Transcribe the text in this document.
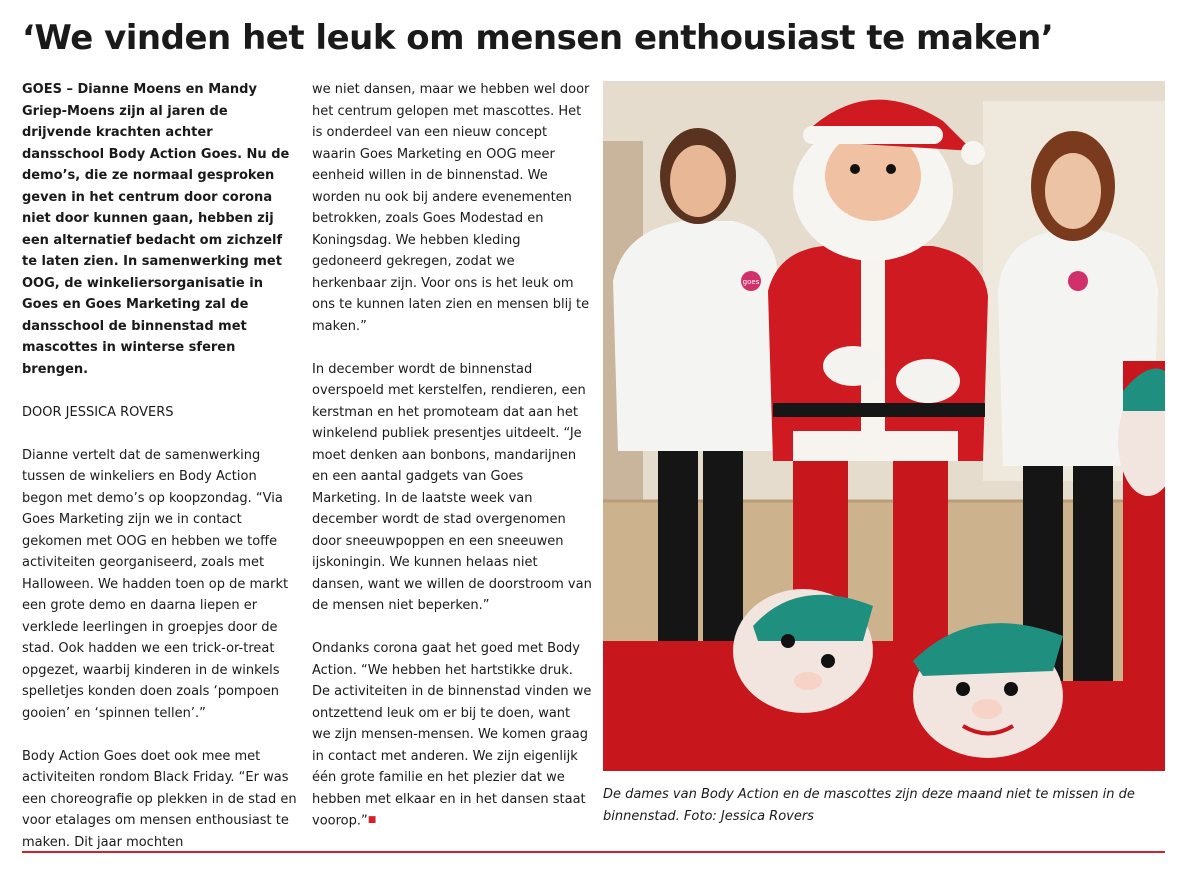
‘We vinden het leuk om mensen enthousiast te maken’

GOES – Dianne Moens en Mandy Griep-Moens zijn al jaren de drijvende krachten achter dansschool Body Action Goes. Nu de demo’s, die ze normaal gesproken geven in het centrum door corona niet door kunnen gaan, hebben zij een alternatief bedacht om zichzelf te laten zien. In samenwerking met OOG, de winkeliersorganisatie in Goes en Goes Marketing zal de dansschool de binnenstad met mascottes in winterse sferen brengen.

DOOR JESSICA ROVERS

Dianne vertelt dat de samenwerking tussen de winkeliers en Body Action begon met demo’s op koopzondag. “Via Goes Marketing zijn we in contact gekomen met OOG en hebben we toffe activiteiten georganiseerd, zoals met Halloween. We hadden toen op de markt een grote demo en daarna liepen er verklede leerlingen in groepjes door de stad. Ook hadden we een trick-or-treat opgezet, waarbij kinderen in de winkels spelletjes konden doen zoals ‘pompoen gooien’ en ‘spinnen tellen’.”

Body Action Goes doet ook mee met activiteiten rondom Black Friday. “Er was een choreografie op plekken in de stad en voor etalages om mensen enthousiast te maken. Dit jaar mochten

we niet dansen, maar we hebben wel door het centrum gelopen met mascottes. Het is onderdeel van een nieuw concept waarin Goes Marketing en OOG meer eenheid willen in de binnenstad. We worden nu ook bij andere evenementen betrokken, zoals Goes Modestad en Koningsdag. We hebben kleding gedoneerd gekregen, zodat we herkenbaar zijn. Voor ons is het leuk om ons te kunnen laten zien en mensen blij te maken.”

In december wordt de binnenstad overspoeld met kerstelfen, rendieren, een kerstman en het promoteam dat aan het winkelend publiek presentjes uitdeelt. “Je moet denken aan bonbons, mandarijnen en een aantal gadgets van Goes Marketing. In de laatste week van december wordt de stad overgenomen door sneeuwpoppen en een sneeuwen ijskoningin. We kunnen helaas niet dansen, want we willen de doorstroom van de mensen niet beperken.”

Ondanks corona gaat het goed met Body Action. “We hebben het hartstikke druk. De activiteiten in de binnenstad vinden we ontzettend leuk om er bij te doen, want we zijn mensen-mensen. We komen graag in contact met anderen. We zijn eigenlijk één grote familie en het plezier dat we hebben met elkaar en in het dansen staat voorop.”■

goes

De dames van Body Action en de mascottes zijn deze maand niet te missen in de binnenstad. Foto: Jessica Rovers
